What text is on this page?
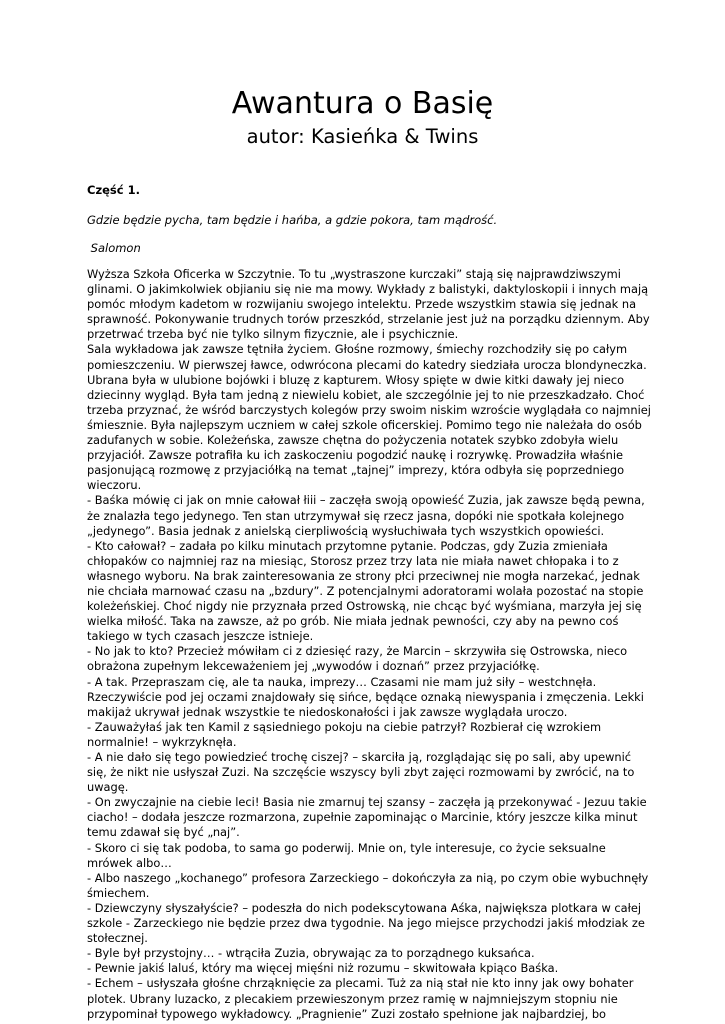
Awantura o Basię
autor: Kasieńka & Twins
Część 1.
Gdzie będzie pycha, tam będzie i hańba, a gdzie pokora, tam mądrość.
Salomon
Wyższa Szkoła Oficerka w Szczytnie. To tu „wystraszone kurczaki” stają się najprawdziwszymi
glinami. O jakimkolwiek objianiu się nie ma mowy. Wykłady z balistyki, daktyloskopii i innych mają
pomóc młodym kadetom w rozwijaniu swojego intelektu. Przede wszystkim stawia się jednak na
sprawność. Pokonywanie trudnych torów przeszkód, strzelanie jest już na porządku dziennym. Aby
przetrwać trzeba być nie tylko silnym fizycznie, ale i psychicznie.
Sala wykładowa jak zawsze tętniła życiem. Głośne rozmowy, śmiechy rozchodziły się po całym
pomieszczeniu. W pierwszej ławce, odwrócona plecami do katedry siedziała urocza blondyneczka.
Ubrana była w ulubione bojówki i bluzę z kapturem. Włosy spięte w dwie kitki dawały jej nieco
dziecinny wygląd. Była tam jedną z niewielu kobiet, ale szczególnie jej to nie przeszkadzało. Choć
trzeba przyznać, że wśród barczystych kolegów przy swoim niskim wzroście wyglądała co najmniej
śmiesznie. Była najlepszym uczniem w całej szkole oficerskiej. Pomimo tego nie należała do osób
zadufanych w sobie. Koleżeńska, zawsze chętna do pożyczenia notatek szybko zdobyła wielu
przyjaciół. Zawsze potrafiła ku ich zaskoczeniu pogodzić naukę i rozrywkę. Prowadziła właśnie
pasjonującą rozmowę z przyjaciółką na temat „tajnej” imprezy, która odbyła się poprzedniego
wieczoru.
- Baśka mówię ci jak on mnie całował łiii – zaczęła swoją opowieść Zuzia, jak zawsze będą pewna,
że znalazła tego jedynego. Ten stan utrzymywał się rzecz jasna, dopóki nie spotkała kolejnego
„jedynego”. Basia jednak z anielską cierpliwością wysłuchiwała tych wszystkich opowieści.
- Kto całował? – zadała po kilku minutach przytomne pytanie. Podczas, gdy Zuzia zmieniała
chłopaków co najmniej raz na miesiąc, Storosz przez trzy lata nie miała nawet chłopaka i to z
własnego wyboru. Na brak zainteresowania ze strony płci przeciwnej nie mogła narzekać, jednak
nie chciała marnować czasu na „bzdury”. Z potencjalnymi adoratorami wolała pozostać na stopie
koleżeńskiej. Choć nigdy nie przyznała przed Ostrowską, nie chcąc być wyśmiana, marzyła jej się
wielka miłość. Taka na zawsze, aż po grób. Nie miała jednak pewności, czy aby na pewno coś
takiego w tych czasach jeszcze istnieje.
- No jak to kto? Przecież mówiłam ci z dziesięć razy, że Marcin – skrzywiła się Ostrowska, nieco
obrażona zupełnym lekceważeniem jej „wywodów i doznań” przez przyjaciółkę.
- A tak. Przepraszam cię, ale ta nauka, imprezy… Czasami nie mam już siły – westchnęła.
Rzeczywiście pod jej oczami znajdowały się sińce, będące oznaką niewyspania i zmęczenia. Lekki
makijaż ukrywał jednak wszystkie te niedoskonałości i jak zawsze wyglądała uroczo.
- Zauważyłaś jak ten Kamil z sąsiedniego pokoju na ciebie patrzył? Rozbierał cię wzrokiem
normalnie! – wykrzyknęła.
- A nie dało się tego powiedzieć trochę ciszej? – skarciła ją, rozglądając się po sali, aby upewnić
się, że nikt nie usłyszał Zuzi. Na szczęście wszyscy byli zbyt zajęci rozmowami by zwrócić, na to
uwagę.
- On zwyczajnie na ciebie leci! Basia nie zmarnuj tej szansy – zaczęła ją przekonywać - Jezuu takie
ciacho! – dodała jeszcze rozmarzona, zupełnie zapominając o Marcinie, który jeszcze kilka minut
temu zdawał się być „naj”.
- Skoro ci się tak podoba, to sama go poderwij. Mnie on, tyle interesuje, co życie seksualne
mrówek albo…
- Albo naszego „kochanego” profesora Zarzeckiego – dokończyła za nią, po czym obie wybuchnęły
śmiechem.
- Dziewczyny słyszałyście? – podeszła do nich podekscytowana Aśka, największa plotkara w całej
szkole - Zarzeckiego nie będzie przez dwa tygodnie. Na jego miejsce przychodzi jakiś młodziak ze
stołecznej.
- Byle był przystojny… - wtrąciła Zuzia, obrywając za to porządnego kuksańca.
- Pewnie jakiś laluś, który ma więcej mięśni niż rozumu – skwitowała kpiąco Baśka.
- Echem – usłyszała głośne chrząknięcie za plecami. Tuż za nią stał nie kto inny jak owy bohater
plotek. Ubrany luzacko, z plecakiem przewieszonym przez ramię w najmniejszym stopniu nie
przypominał typowego wykładowcy. „Pragnienie” Zuzi zostało spełnione jak najbardziej, bo
